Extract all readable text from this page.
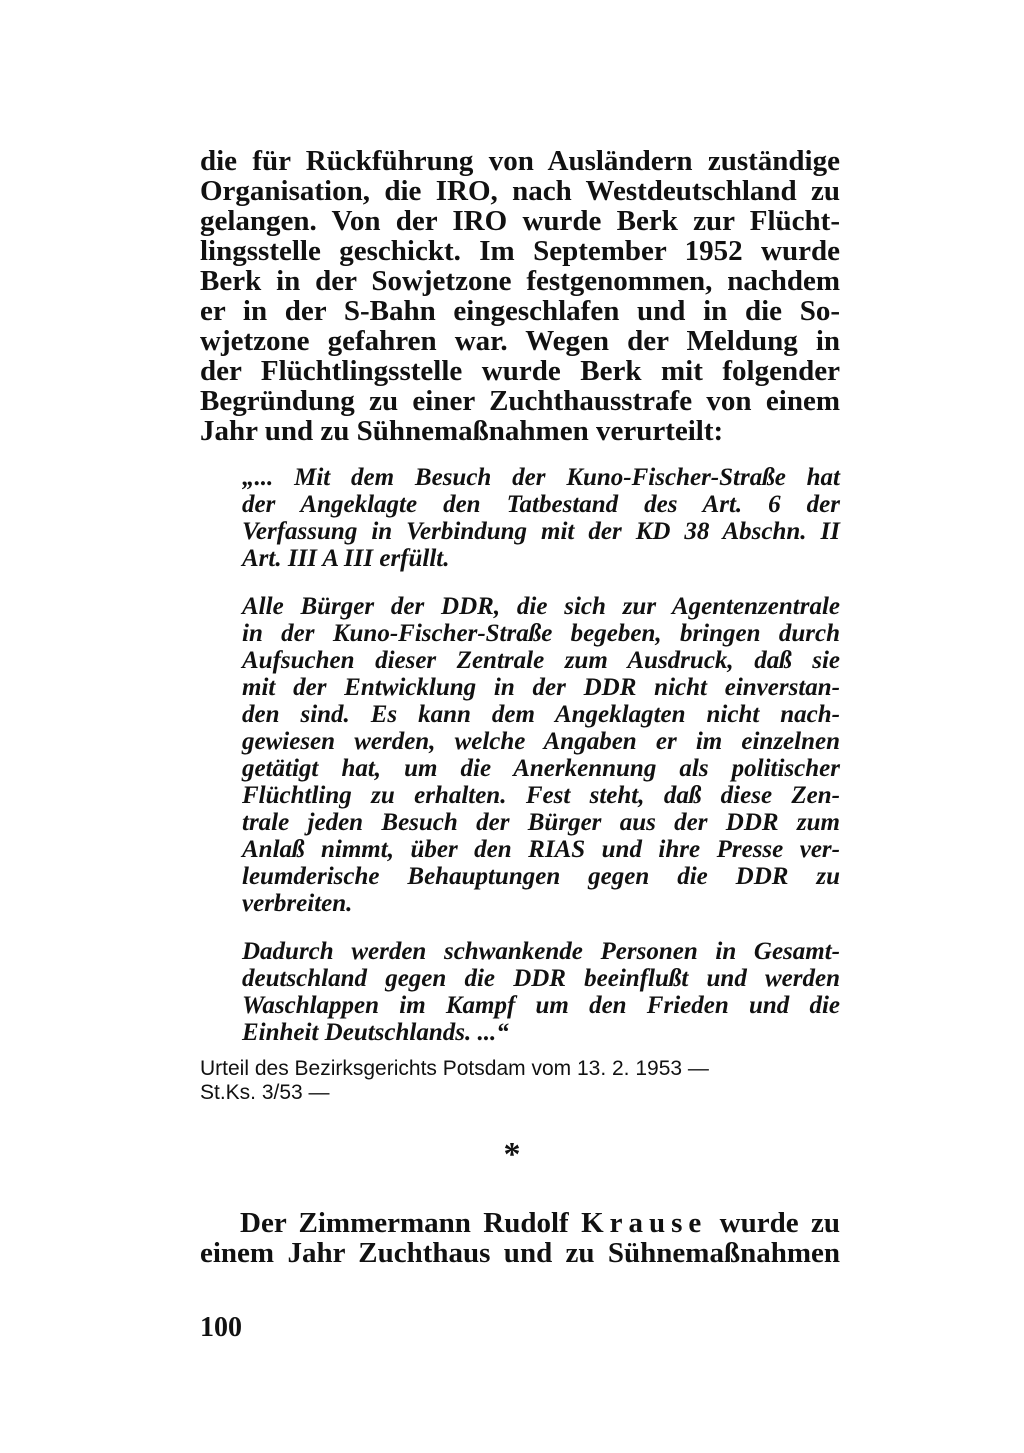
die für Rückführung von Ausländern zuständige

Organisation, die IRO, nach Westdeutschland zu

gelangen. Von der IRO wurde Berk zur Flücht-

lingsstelle geschickt. Im September 1952 wurde

Berk in der Sowjetzone festgenommen, nachdem

er in der S-Bahn eingeschlafen und in die So-

wjetzone gefahren war. Wegen der Meldung in

der Flüchtlingsstelle wurde Berk mit folgender

Begründung zu einer Zuchthausstrafe von einem

Jahr und zu Sühnemaßnahmen verurteilt:

„... Mit dem Besuch der Kuno-Fischer-Straße hat

der Angeklagte den Tatbestand des Art. 6 der

Verfassung in Verbindung mit der KD 38 Abschn. II

Art. III A III erfüllt.

Alle Bürger der DDR, die sich zur Agentenzentrale

in der Kuno-Fischer-Straße begeben, bringen durch

Aufsuchen dieser Zentrale zum Ausdruck, daß sie

mit der Entwicklung in der DDR nicht einverstan-

den sind. Es kann dem Angeklagten nicht nach-

gewiesen werden, welche Angaben er im einzelnen

getätigt hat, um die Anerkennung als politischer

Flüchtling zu erhalten. Fest steht, daß diese Zen-

trale jeden Besuch der Bürger aus der DDR zum

Anlaß nimmt, über den RIAS und ihre Presse ver-

leumderische Behauptungen gegen die DDR zu

verbreiten.

Dadurch werden schwankende Personen in Gesamt-

deutschland gegen die DDR beeinflußt und werden

Waschlappen im Kampf um den Frieden und die

Einheit Deutschlands. ...“

Urteil des Bezirksgerichts Potsdam vom 13. 2. 1953 —

St.Ks. 3/53 —

*

Der Zimmermann Rudolf Krause wurde zu

einem Jahr Zuchthaus und zu Sühnemaßnahmen

100
